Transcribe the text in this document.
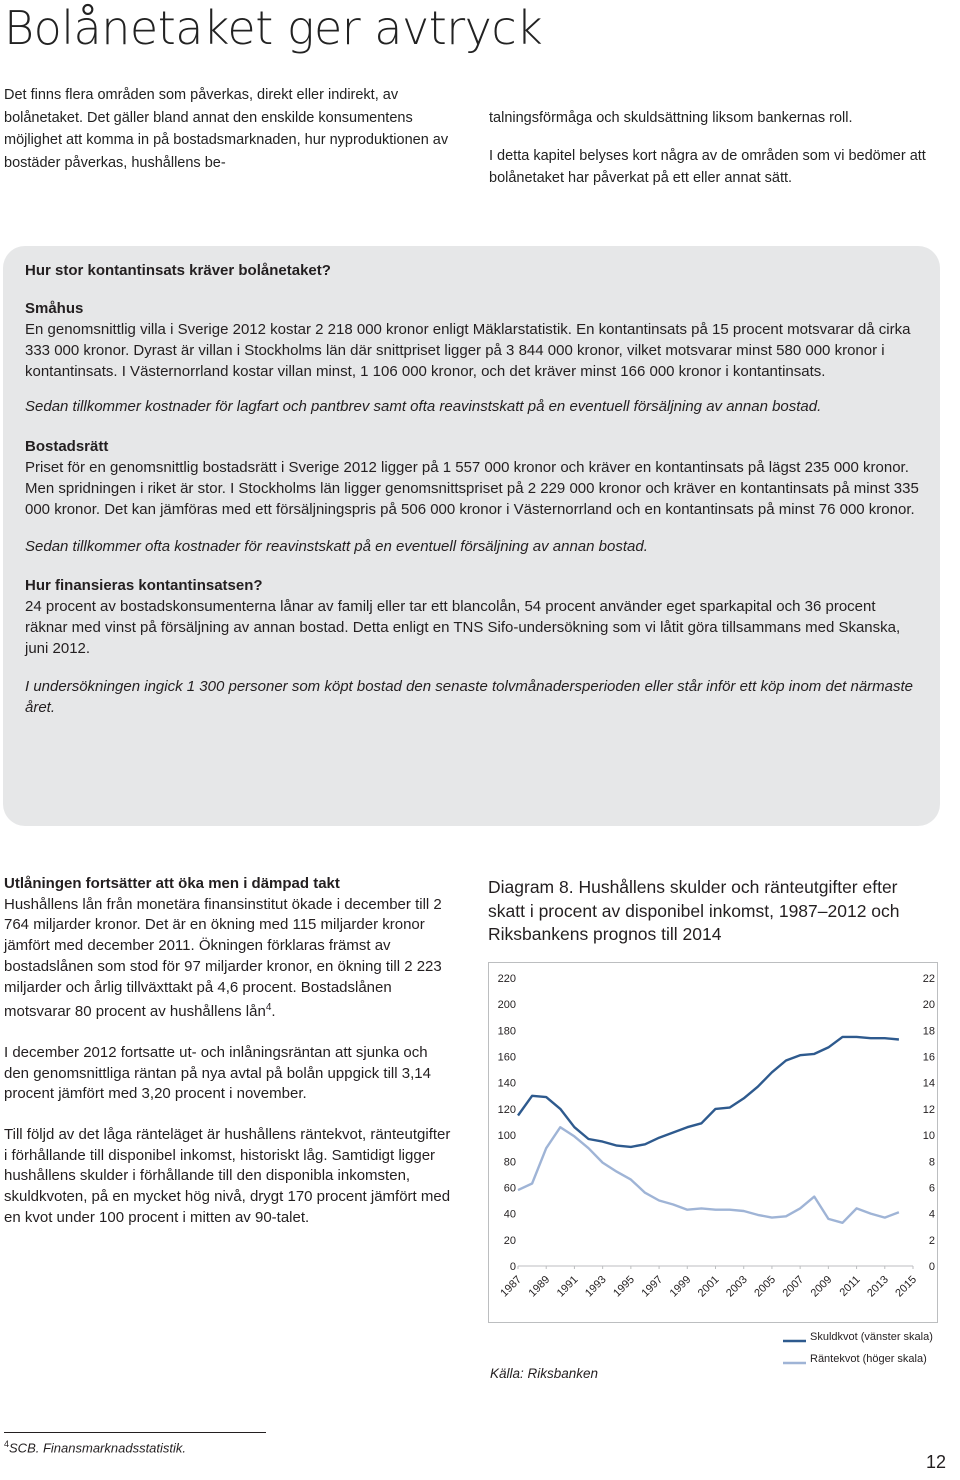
Bolånetaket ger avtryck

Det finns flera områden som påverkas, direkt eller indirekt, av bolånetaket. Det gäller bland annat den enskilde konsumentens möjlighet att komma in på bostadsmarknaden, hur nyproduktionen av bostäder påverkas, hushållens be-

talningsförmåga och skuldsättning liksom bankernas roll.

I detta kapitel belyses kort några av de områden som vi bedömer att bolånetaket har påverkat på ett eller annat sätt.

Hur stor kontantinsats kräver bolånetaket?

Småhus
En genomsnittlig villa i Sverige 2012 kostar 2 218 000 kronor enligt Mäklarstatistik. En kontantinsats på 15 procent motsvarar då cirka 333 000 kronor. Dyrast är villan i Stockholms län där snittpriset ligger på 3 844 000 kronor, vilket motsvarar minst 580 000 kronor i kontantinsats. I Västernorrland kostar villan minst, 1 106 000 kronor, och det kräver minst 166 000 kronor i kontantinsats.

Sedan tillkommer kostnader för lagfart och pantbrev samt ofta reavinstskatt på en eventuell försäljning av annan bostad.

Bostadsrätt
Priset för en genomsnittlig bostadsrätt i Sverige 2012 ligger på 1 557 000 kronor och kräver en kontantinsats på lägst 235 000 kronor. Men spridningen i riket är stor. I Stockholms län ligger genomsnittspriset på 2 229 000 kronor och kräver en kontantinsats på minst 335 000 kronor. Det kan jämföras med ett försäljningspris på 506 000 kronor i Västernorrland och en kontantinsats på minst 76 000 kronor.

Sedan tillkommer ofta kostnader för reavinstskatt på en eventuell försäljning av annan bostad.

Hur finansieras kontantinsatsen?
24 procent av bostadskonsumenterna lånar av familj eller tar ett blancolån, 54 procent använder eget sparkapital och 36 procent räknar med vinst på försäljning av annan bostad. Detta enligt en TNS Sifo-undersökning som vi låtit göra tillsammans med Skanska, juni 2012.

I undersökningen ingick 1 300 personer som köpt bostad den senaste tolvmånadersperioden eller står inför ett köp inom det närmaste året.

Utlåningen fortsätter att öka men i dämpad takt
Hushållens lån från monetära finansinstitut ökade i december till 2 764 miljarder kronor. Det är en ökning med 115 miljarder kronor jämfört med december 2011. Ökningen förklaras främst av bostadslånen som stod för 97 miljarder kronor, en ökning till 2 223 miljarder och årlig tillväxttakt på 4,6 procent. Bostadslånen motsvarar 80 procent av hushållens lån$^4$.

I december 2012 fortsatte ut- och inlåningsräntan att sjunka och den genomsnittliga räntan på nya avtal på bolån uppgick till 3,14 procent jämfört med 3,20 procent i november.

Till följd av det låga ränteläget är hushållens räntekvot, ränteutgifter i förhållande till disponibel inkomst, historiskt låg. Samtidigt ligger hushållens skulder i förhållande till den disponibla inkomsten, skuldkvoten, på en mycket hög nivå, drygt 170 procent jämfört med en kvot under 100 procent i mitten av 90-talet.

Diagram 8. Hushållens skulder och ränteutgifter efter skatt i procent av disponibel inkomst, 1987–2012 och Riksbankens prognos till 2014

0
20
40
60
80
100
120
140
160
180
200
220
0
2
4
6
8
10
12
14
16
18
20
22
1987 1989 1991 1993 1995 1997 1999 2001 2003 2005 2007 2009 2011 2013 2015
Skuldkvot (vänster skala)
Räntekvot (höger skala)
Källa: Riksbanken
$^4$SCB. Finansmarknadsstatistik.
12
